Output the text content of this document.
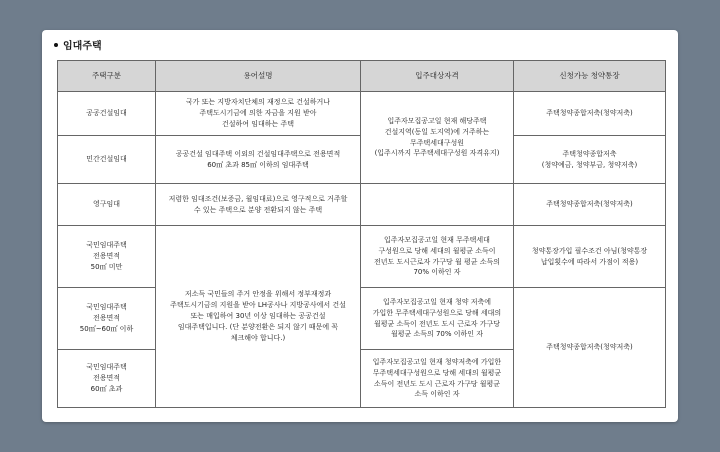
임대주택
주택구분	용어설명	입주대상자격	신청가능 청약통장
공공건설임대	국가 또는 지방자치단체의 재정으로 건설하거나
주택도시기금에 의한 자금을 지원 받아
건설하여 임대하는 주택	입주자모집공고일 현재 해당주택
건설지역(동일 도지역)에 거주하는
무주택세대구성원
(입주시까지 무주택세대구성원 자격유지)	주택청약종합저축(청약저축)
민간건설임대	공공건설 임대주택 이외의 건설임대주택으로 전용면적
60㎡ 초과 85㎡ 이하의 임대주택		주택청약종합저축
(청약예금, 청약부금, 청약저축)
영구임대	저렴한 임대조건(보증금, 월임대료)으로 영구적으로 거주할
수 있는 주택으로 분양 전환되지 않는 주택		주택청약종합저축(청약저축)
국민임대주택
전용면적
50㎡ 미만	저소득 국민들의 주거 안정을 위해서 정부재정과
주택도시기금의 지원을 받아 LH공사나 지방공사에서 건설
또는 매입하여 30년 이상 임대하는 공공건설
임대주택입니다. (단 분양전환은 되지 않기 때문에 꼭
체크해야 합니다.)	입주자모집공고일 현재 무주택세대
구성원으로 당해 세대의 월평균 소득이
전년도 도시근로자 가구당 월 평균 소득의
70% 이하인 자	청약통장가입 필수조건 아님(청약통장
납입횟수에 따라서 가점이 적용)
국민임대주택
전용면적
50㎡~60㎡ 이하		입주자모집공고일 현재 청약 저축에
가입한 무주택세대구성원으로 당해 세대의
월평균 소득이 전년도 도시 근로자 가구당
월평균 소득의 70% 이하인 자	주택청약종합저축(청약저축)
국민임대주택
전용면적
60㎡ 초과		입주자모집공고일 현재 청약저축에 가입한
무주택세대구성원으로 당해 세대의 월평균
소득이 전년도 도시 근로자 가구당 월평균
소득 이하인 자	
